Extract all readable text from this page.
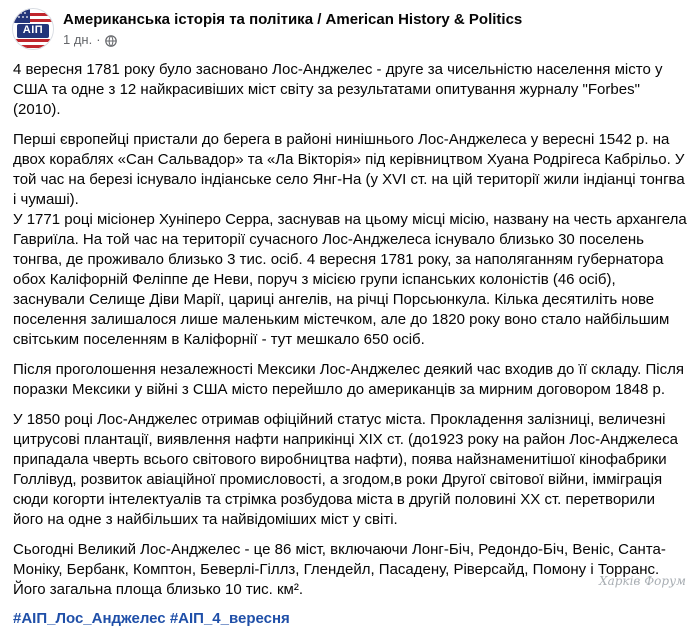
АІП
Американська історія та політика / American History & Politics
1 дн. ·

4 вересня 1781 року було засновано Лос-Анджелес - друге за чисельністю населення місто у США та одне з 12 найкрасивіших міст світу за результатами опитування журналу "Forbes" (2010).

Перші європейці пристали до берега в районі нинішнього Лос-Анджелеса у вересні 1542 р. на двох кораблях «Сан Сальвадор» та «Ла Вікторія» під керівництвом Хуана Родрігеса Кабрільо. У той час на березі існувало індіанське село Янг-На (у XVI ст. на цій території жили індіанці тонгва і чумаші).
У 1771 році місіонер Хуніперо Серра, заснував на цьому місці місію, названу на честь архангела Гавриїла. На той час на території сучасного Лос-Анджелеса існувало близько 30 поселень тонгва, де проживало близько 3 тис. осіб. 4 вересня 1781 року, за наполяганням губернатора обох Каліфорній Фелiппе де Неви, поруч з місією групи іспанських колоністів (46 осіб), заснували Селище Діви Марії, цариці ангелів, на річці Порсьюнкула. Кілька десятиліть нове поселення залишалося лише маленьким містечком, але до 1820 року воно стало найбільшим світським поселенням в Каліфорнії - тут мешкало 650 осіб.

Після проголошення незалежності Мексики Лос-Анджелес деякий час входив до її складу. Після поразки Мексики у війні з США місто перейшло до американців за мирним договором 1848 р.

У 1850 році Лос-Анджелес отримав офіційний статус міста. Прокладення залізниці, величезні цитрусові плантації, виявлення нафти наприкінці XIX ст. (до1923 року на район Лос-Анджелеса припадала чверть всього світового виробництва нафти), поява найзнаменитішої кінофабрики Голлівуд, розвиток авіаційної промисловості, а згодом,в роки Другої світової війни, імміграція сюди когорти інтелектуалів та стрімка розбудова міста в другій половині XX ст. перетворили його на одне з найбільших та найвідоміших міст у світі.

Сьогодні Великий Лос-Анджелес - це 86 міст, включаючи Лонг-Біч, Редондо-Біч, Веніс, Санта-Моніку, Бербанк, Комптон, Беверлі-Гіллз, Глендейл, Пасадену, Ріверсайд, Помону і Торранс. Його загальна площа близько 10 тис. км².

#АІП_Лос_Анджелес #АІП_4_вересня
Харків Форум
